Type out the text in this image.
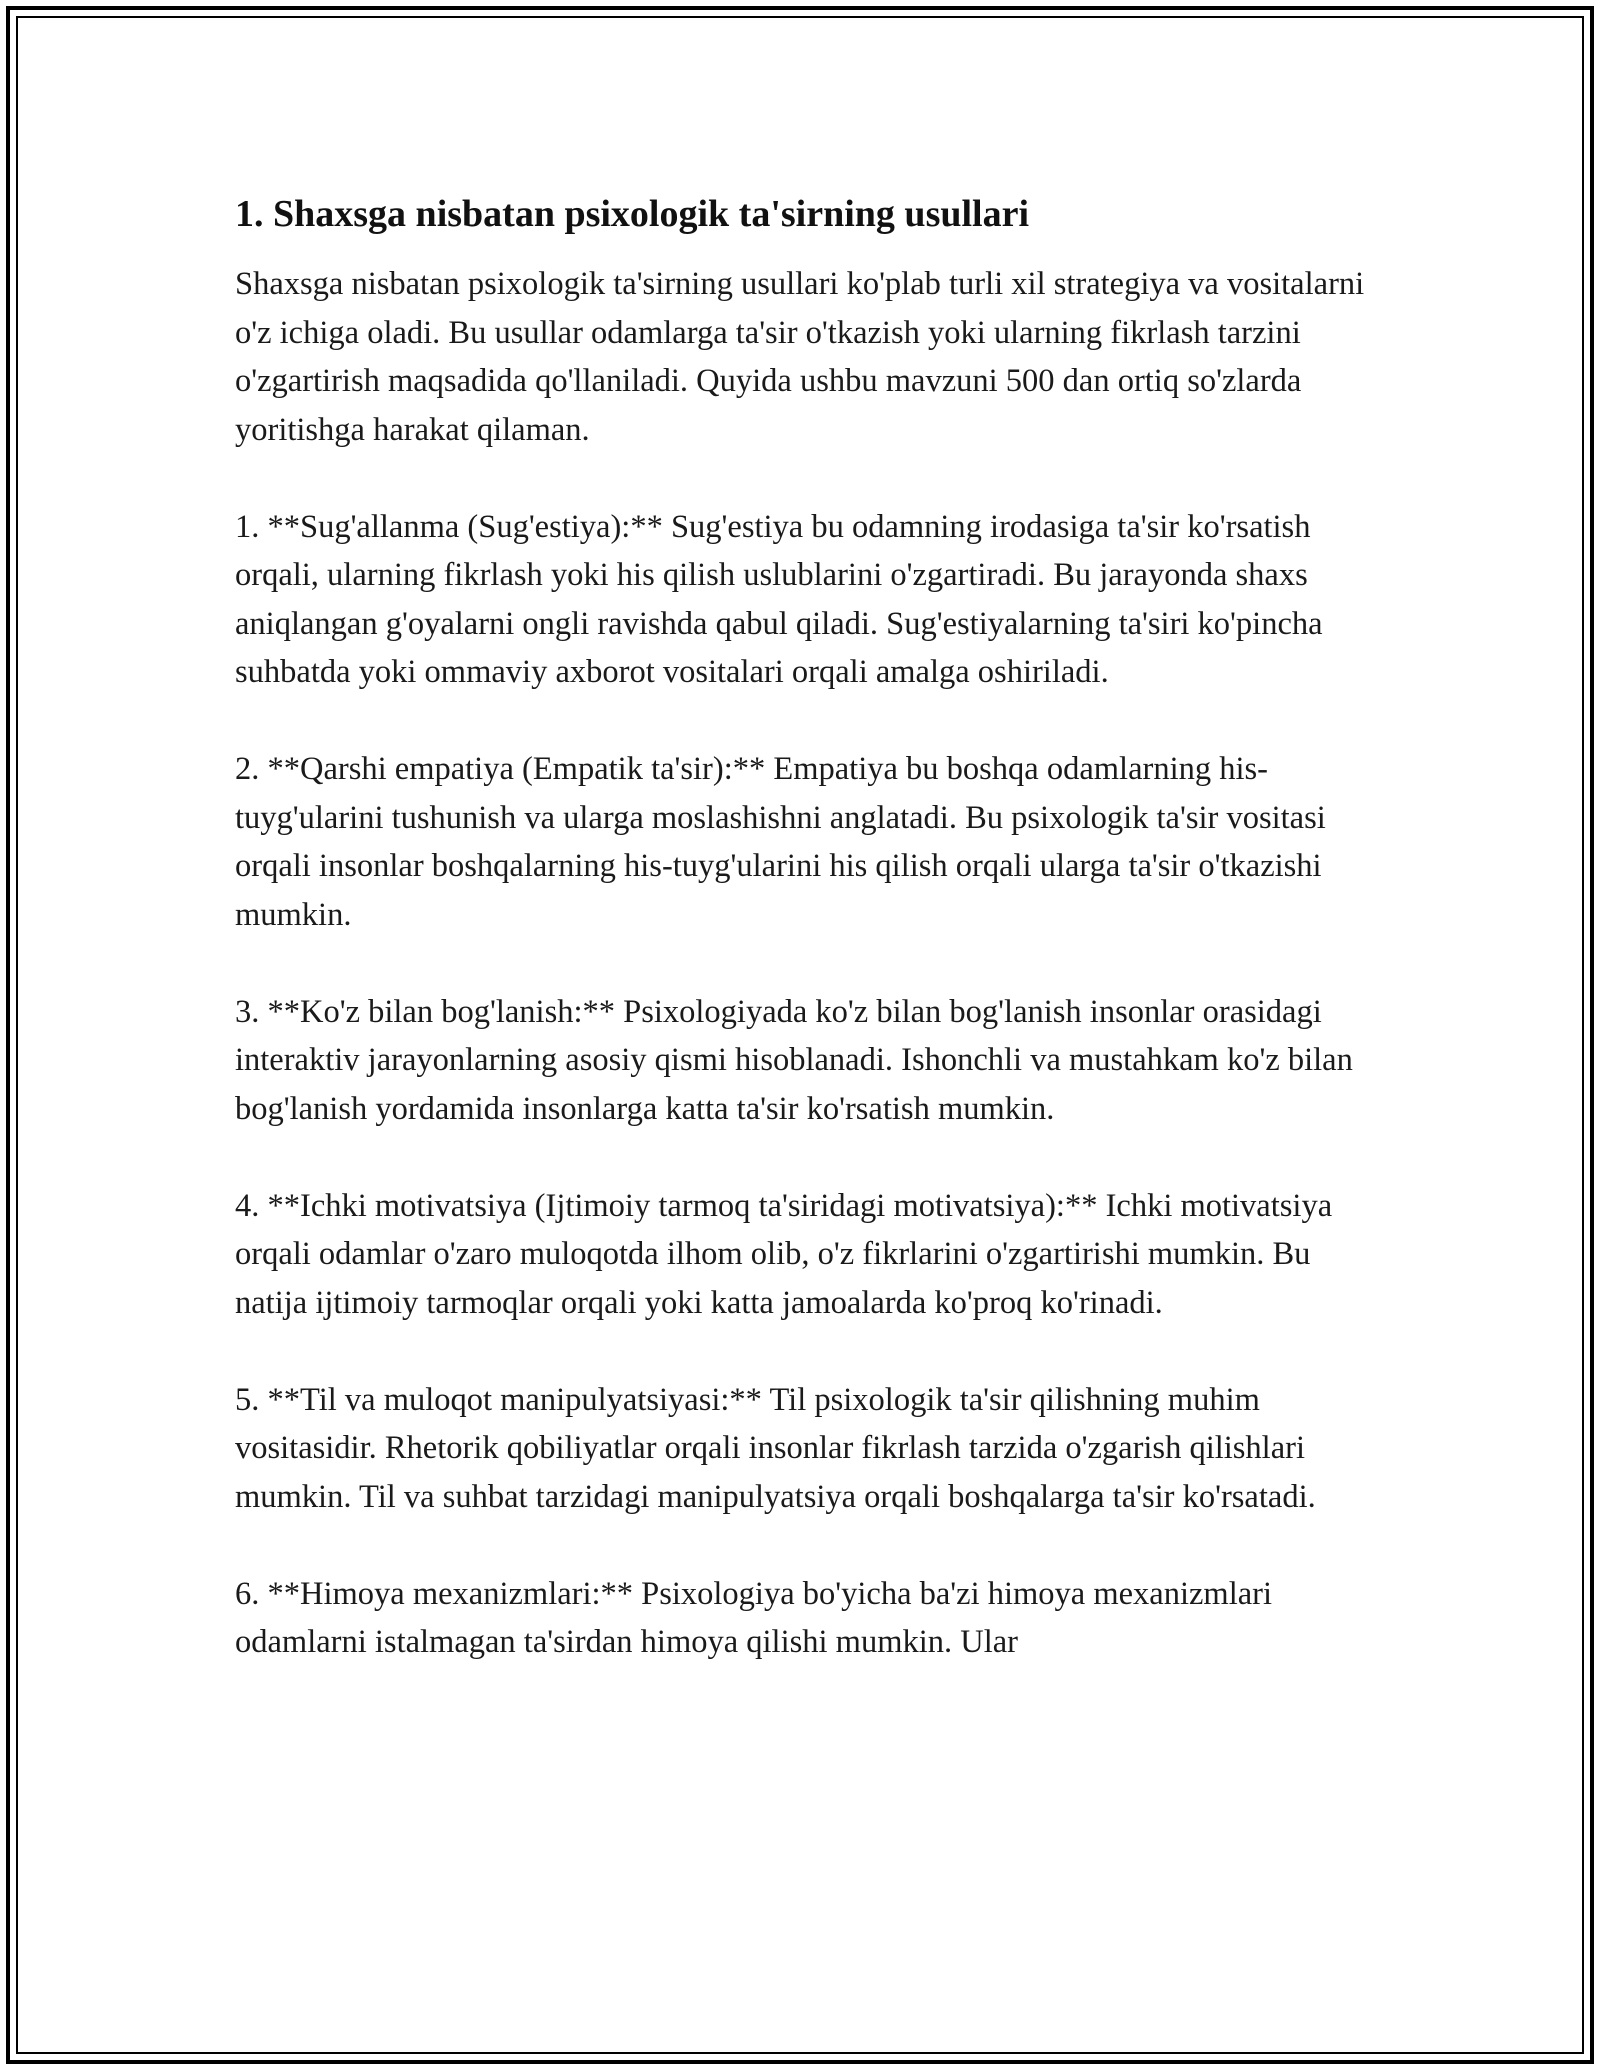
1. Shaxsga nisbatan psixologik ta'sirning usullari

Shaxsga nisbatan psixologik ta'sirning usullari ko'plab turli xil strategiya va vositalarni o'z ichiga oladi. Bu usullar odamlarga ta'sir o'tkazish yoki ularning fikrlash tarzini o'zgartirish maqsadida qo'llaniladi. Quyida ushbu mavzuni 500 dan ortiq so'zlarda yoritishga harakat qilaman.

1. **Sug'allanma (Sug'estiya):** Sug'estiya bu odamning irodasiga ta'sir ko'rsatish orqali, ularning fikrlash yoki his qilish uslublarini o'zgartiradi. Bu jarayonda shaxs aniqlangan g'oyalarni ongli ravishda qabul qiladi. Sug'estiyalarning ta'siri ko'pincha suhbatda yoki ommaviy axborot vositalari orqali amalga oshiriladi.

2. **Qarshi empatiya (Empatik ta'sir):** Empatiya bu boshqa odamlarning his-tuyg'ularini tushunish va ularga moslashishni anglatadi. Bu psixologik ta'sir vositasi orqali insonlar boshqalarning his-tuyg'ularini his qilish orqali ularga ta'sir o'tkazishi mumkin.

3. **Ko'z bilan bog'lanish:** Psixologiyada ko'z bilan bog'lanish insonlar orasidagi interaktiv jarayonlarning asosiy qismi hisoblanadi. Ishonchli va mustahkam ko'z bilan bog'lanish yordamida insonlarga katta ta'sir ko'rsatish mumkin.

4. **Ichki motivatsiya (Ijtimoiy tarmoq ta'siridagi motivatsiya):** Ichki motivatsiya orqali odamlar o'zaro muloqotda ilhom olib, o'z fikrlarini o'zgartirishi mumkin. Bu natija ijtimoiy tarmoqlar orqali yoki katta jamoalarda ko'proq ko'rinadi.

5. **Til va muloqot manipulyatsiyasi:** Til psixologik ta'sir qilishning muhim vositasidir. Rhetorik qobiliyatlar orqali insonlar fikrlash tarzida o'zgarish qilishlari mumkin. Til va suhbat tarzidagi manipulyatsiya orqali boshqalarga ta'sir ko'rsatadi.

6. **Himoya mexanizmlari:** Psixologiya bo'yicha ba'zi himoya mexanizmlari odamlarni istalmagan ta'sirdan himoya qilishi mumkin. Ular
